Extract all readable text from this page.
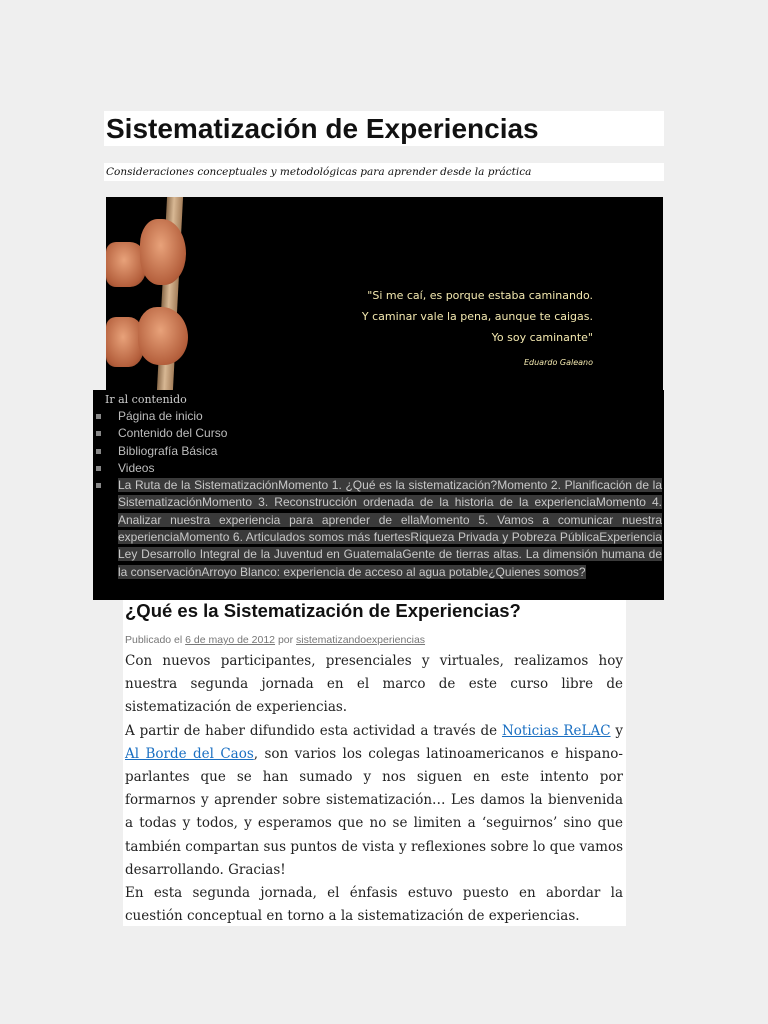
Sistematización de Experiencias
Consideraciones conceptuales y metodológicas para aprender desde la práctica
"Si me caí, es porque estaba caminando.
Y caminar vale la pena, aunque te caigas.
Yo soy caminante"
Eduardo Galeano
Ir al contenido
Página de inicio
Contenido del Curso
Bibliografía Básica
Videos
La Ruta de la SistematizaciónMomento 1. ¿Qué es la sistematización?Momento 2. Planificación de la SistematizaciónMomento 3. Reconstrucción ordenada de la historia de la experienciaMomento 4. Analizar nuestra experiencia para aprender de ellaMomento 5. Vamos a comunicar nuestra experienciaMomento 6. Articulados somos más fuertesRiqueza Privada y Pobreza PúblicaExperiencia Ley Desarrollo Integral de la Juventud en GuatemalaGente de tierras altas. La dimensión humana de la conservaciónArroyo Blanco: experiencia de acceso al agua potable¿Quienes somos?
¿Qué es la Sistematización de Experiencias?
Publicado el 6 de mayo de 2012 por sistematizandoexperiencias

Con nuevos participantes, presenciales y virtuales, realizamos hoy nuestra segunda jornada en el marco de este curso libre de sistematización de experiencias.

A partir de haber difundido esta actividad a través de Noticias ReLAC y Al Borde del Caos, son varios los colegas latinoamericanos e hispano-parlantes que se han sumado y nos siguen en este intento por formarnos y aprender sobre sistematización… Les damos la bienvenida a todas y todos, y esperamos que no se limiten a ‘seguirnos’ sino que también compartan sus puntos de vista y reflexiones sobre lo que vamos desarrollando. Gracias!

En esta segunda jornada, el énfasis estuvo puesto en abordar la cuestión conceptual en torno a la sistematización de experiencias.
